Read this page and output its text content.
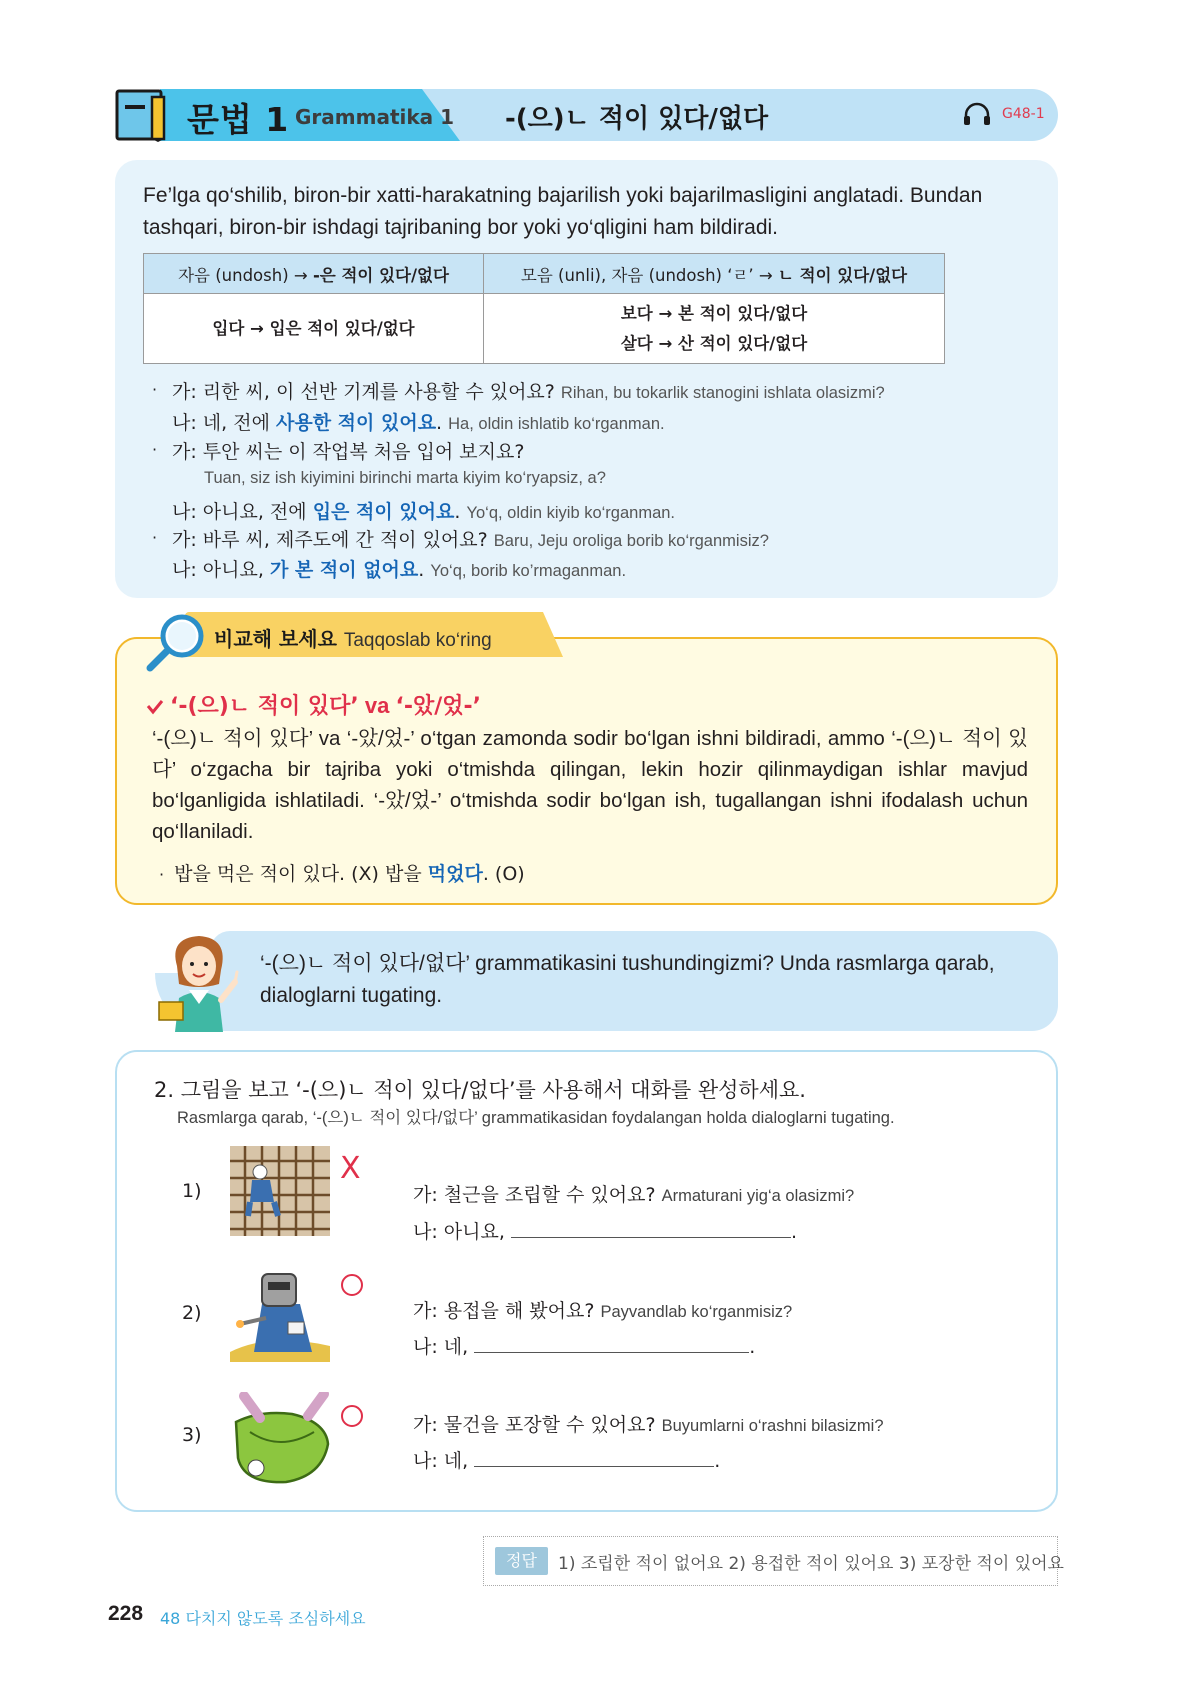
문법 1 Grammatika 1 -(으)ㄴ 적이 있다/없다	G48-1
Fe’lga qo‘shilib, biron-bir xatti-harakatning bajarilish yoki bajarilmasligini anglatadi. Bundan tashqari, biron-bir ishdagi tajribaning bor yoki yo‘qligini ham bildiradi.
자음 (undosh) → -은 적이 있다/없다	모음 (unli), 자음 (undosh) ‘ㄹ’ → ㄴ 적이 있다/없다
입다 → 입은 적이 있다/없다	보다 → 본 적이 있다/없다
살다 → 산 적이 있다/없다
· 가: 리한 씨, 이 선반 기계를 사용할 수 있어요? Rihan, bu tokarlik stanogini ishlata olasizmi?
나: 네, 전에 사용한 적이 있어요. Ha, oldin ishlatib ko‘rganman.
· 가: 투안 씨는 이 작업복 처음 입어 보지요?
Tuan, siz ish kiyimini birinchi marta kiyim ko‘ryapsiz, a?
나: 아니요, 전에 입은 적이 있어요. Yo‘q, oldin kiyib ko‘rganman.
· 가: 바루 씨, 제주도에 간 적이 있어요? Baru, Jeju oroliga borib ko‘rganmisiz?
나: 아니요, 가 본 적이 없어요. Yo‘q, borib ko’rmaganman.
비교해 보세요 Taqqoslab ko‘ring
‘-(으)ㄴ 적이 있다’ va ‘-았/었-’
‘-(으)ㄴ 적이 있다’ va ‘-았/었-’ o‘tgan zamonda sodir bo‘lgan ishni bildiradi, ammo ‘-(으)ㄴ 적이 있다’ o‘zgacha bir tajriba yoki o‘tmishda qilingan, lekin hozir qilinmaydigan ishlar mavjud bo‘lganligida ishlatiladi. ‘-았/었-’ o‘tmishda sodir bo‘lgan ish, tugallangan ishni ifodalash uchun qo‘llaniladi.
· 밥을 먹은 적이 있다. (X) 밥을 먹었다. (O)
‘-(으)ㄴ 적이 있다/없다’ grammatikasini tushundingizmi? Unda rasmlarga qarab, dialoglarni tugating.
2. 그림을 보고 ‘-(으)ㄴ 적이 있다/없다’를 사용해서 대화를 완성하세요.
Rasmlarga qarab, ‘-(으)ㄴ 적이 있다/없다’ grammatikasidan foydalangan holda dialoglarni tugating.
1)
X
가: 철근을 조립할 수 있어요? Armaturani yig‘a olasizmi?
나: 아니요,	.
2)	가: 용접을 해 봤어요? Payvandlab ko‘rganmisiz?
나: 네,	.
3)	가: 물건을 포장할 수 있어요? Buyumlarni o‘rashni bilasizmi?
나: 네,	.
정답	1) 조립한 적이 없어요 2) 용접한 적이 있어요 3) 포장한 적이 있어요
228 48 다치지 않도록 조심하세요
